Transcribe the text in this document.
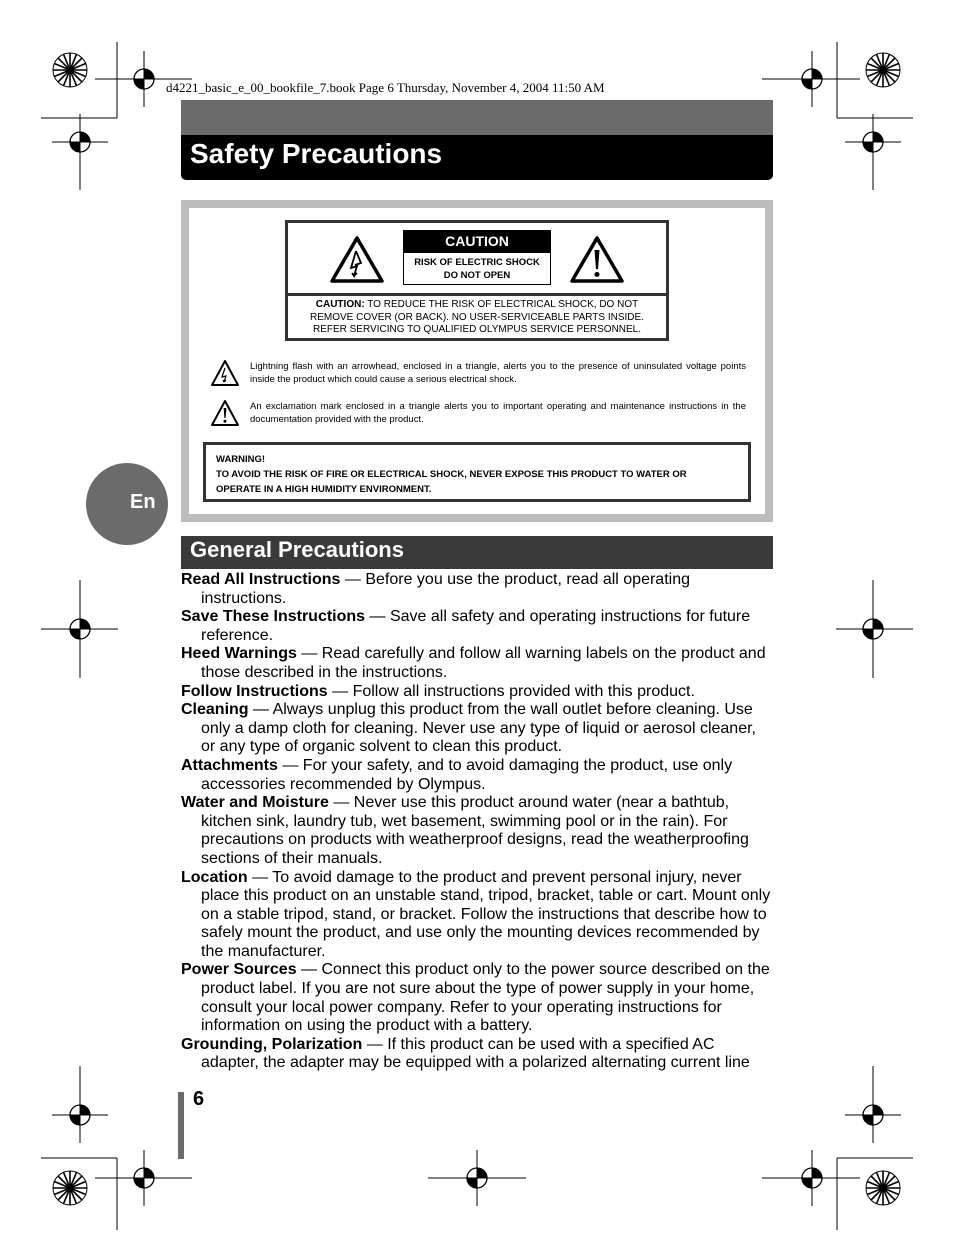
d4221_basic_e_00_bookfile_7.book Page 6 Thursday, November 4, 2004 11:50 AM
Safety Precautions
CAUTION
RISK OF ELECTRIC SHOCK
DO NOT OPEN
CAUTION: TO REDUCE THE RISK OF ELECTRICAL SHOCK, DO NOT
REMOVE COVER (OR BACK). NO USER-SERVICEABLE PARTS INSIDE.
REFER SERVICING TO QUALIFIED OLYMPUS SERVICE PERSONNEL.
Lightning flash with an arrowhead, enclosed in a triangle, alerts you to the presence of uninsulated voltage points inside the product which could cause a serious electrical shock.
An exclamation mark enclosed in a triangle alerts you to important operating and maintenance instructions in the documentation provided with the product.
WARNING!
TO AVOID THE RISK OF FIRE OR ELECTRICAL SHOCK, NEVER EXPOSE THIS PRODUCT TO WATER OR
OPERATE IN A HIGH HUMIDITY ENVIRONMENT.
En
General Precautions
Read All Instructions — Before you use the product, read all operating instructions.
Save These Instructions — Save all safety and operating instructions for future reference.
Heed Warnings — Read carefully and follow all warning labels on the product and those described in the instructions.
Follow Instructions — Follow all instructions provided with this product.
Cleaning — Always unplug this product from the wall outlet before cleaning. Use only a damp cloth for cleaning. Never use any type of liquid or aerosol cleaner, or any type of organic solvent to clean this product.
Attachments — For your safety, and to avoid damaging the product, use only accessories recommended by Olympus.
Water and Moisture — Never use this product around water (near a bathtub, kitchen sink, laundry tub, wet basement, swimming pool or in the rain). For precautions on products with weatherproof designs, read the weatherproofing sections of their manuals.
Location — To avoid damage to the product and prevent personal injury, never place this product on an unstable stand, tripod, bracket, table or cart. Mount only on a stable tripod, stand, or bracket. Follow the instructions that describe how to safely mount the product, and use only the mounting devices recommended by the manufacturer.
Power Sources — Connect this product only to the power source described on the product label. If you are not sure about the type of power supply in your home, consult your local power company. Refer to your operating instructions for information on using the product with a battery.
Grounding, Polarization — If this product can be used with a specified AC adapter, the adapter may be equipped with a polarized alternating current line
6
